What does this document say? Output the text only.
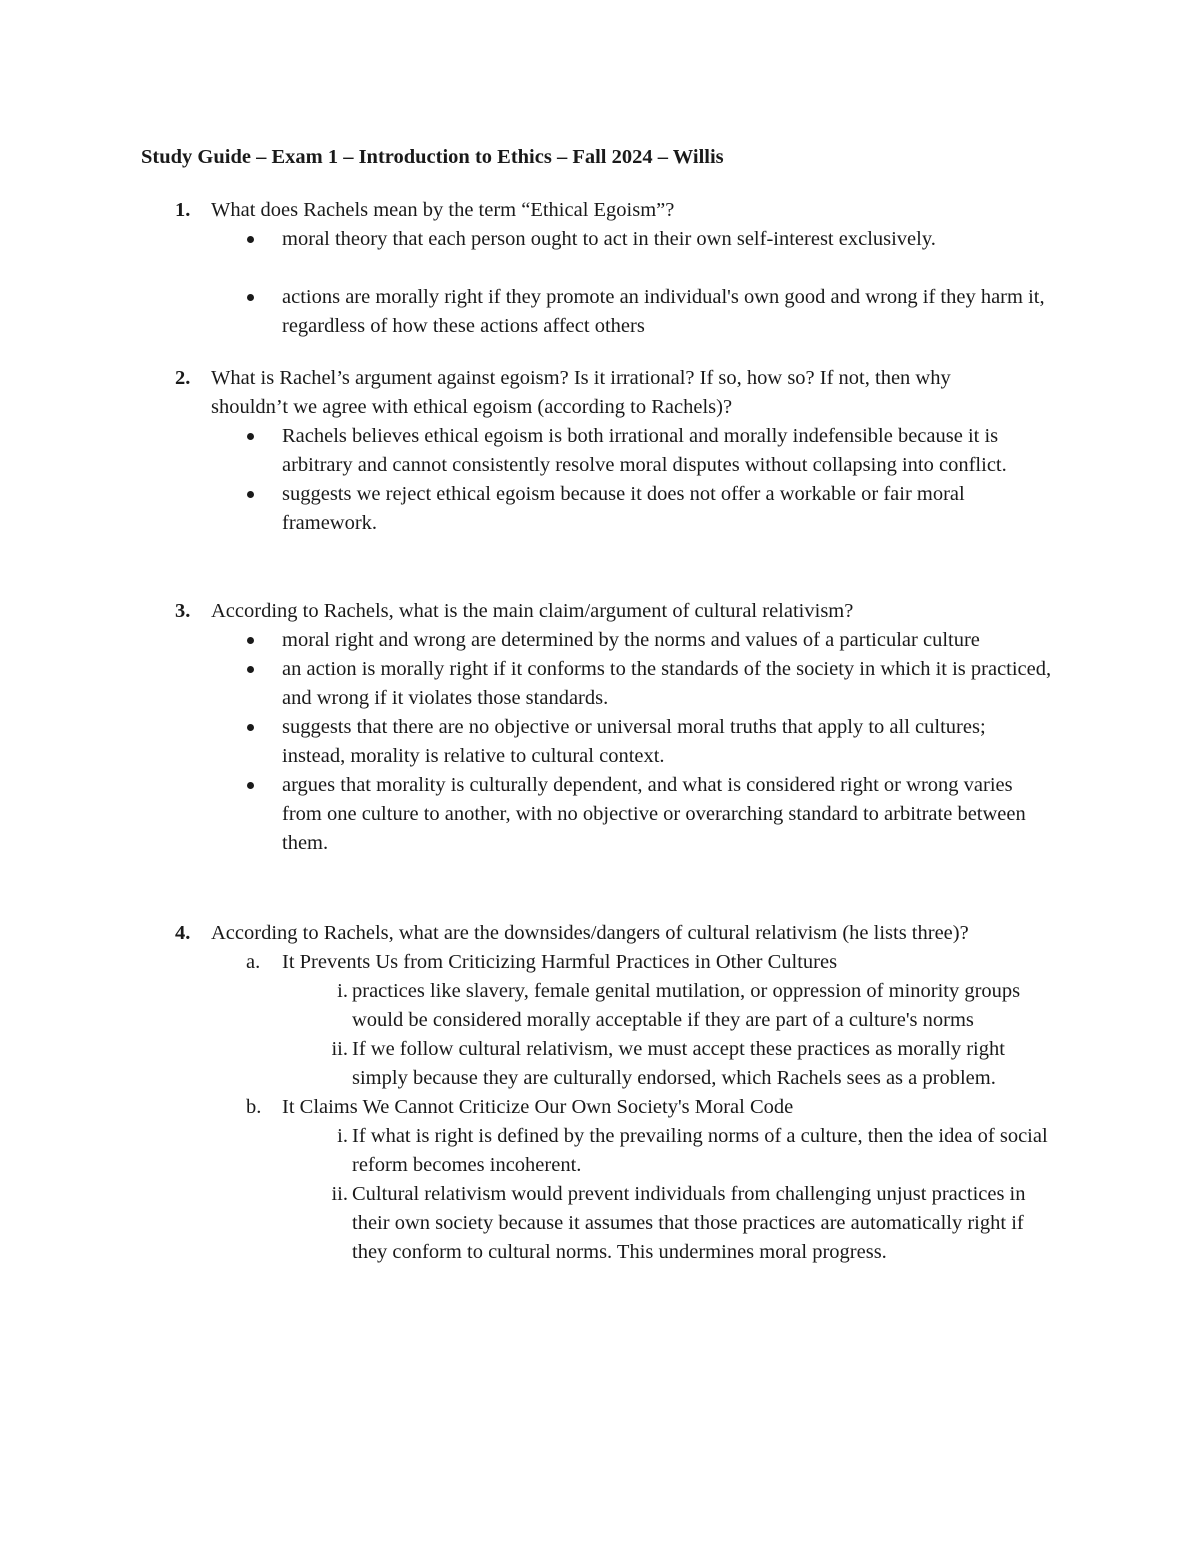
Study Guide – Exam 1 – Introduction to Ethics – Fall 2024 – Willis
1. What does Rachels mean by the term “Ethical Egoism”?
moral theory that each person ought to act in their own self-interest exclusively.
actions are morally right if they promote an individual's own good and wrong if they harm it, regardless of how these actions affect others
2. What is Rachel’s argument against egoism? Is it irrational? If so, how so? If not, then why shouldn’t we agree with ethical egoism (according to Rachels)?
Rachels believes ethical egoism is both irrational and morally indefensible because it is arbitrary and cannot consistently resolve moral disputes without collapsing into conflict.
suggests we reject ethical egoism because it does not offer a workable or fair moral framework.
3. According to Rachels, what is the main claim/argument of cultural relativism?
moral right and wrong are determined by the norms and values of a particular culture
an action is morally right if it conforms to the standards of the society in which it is practiced, and wrong if it violates those standards.
suggests that there are no objective or universal moral truths that apply to all cultures; instead, morality is relative to cultural context.
argues that morality is culturally dependent, and what is considered right or wrong varies from one culture to another, with no objective or overarching standard to arbitrate between them.
4. According to Rachels, what are the downsides/dangers of cultural relativism (he lists three)?
a. It Prevents Us from Criticizing Harmful Practices in Other Cultures
i. practices like slavery, female genital mutilation, or oppression of minority groups would be considered morally acceptable if they are part of a culture's norms
ii. If we follow cultural relativism, we must accept these practices as morally right simply because they are culturally endorsed, which Rachels sees as a problem.
b. It Claims We Cannot Criticize Our Own Society's Moral Code
i. If what is right is defined by the prevailing norms of a culture, then the idea of social reform becomes incoherent.
ii. Cultural relativism would prevent individuals from challenging unjust practices in their own society because it assumes that those practices are automatically right if they conform to cultural norms. This undermines moral progress.
